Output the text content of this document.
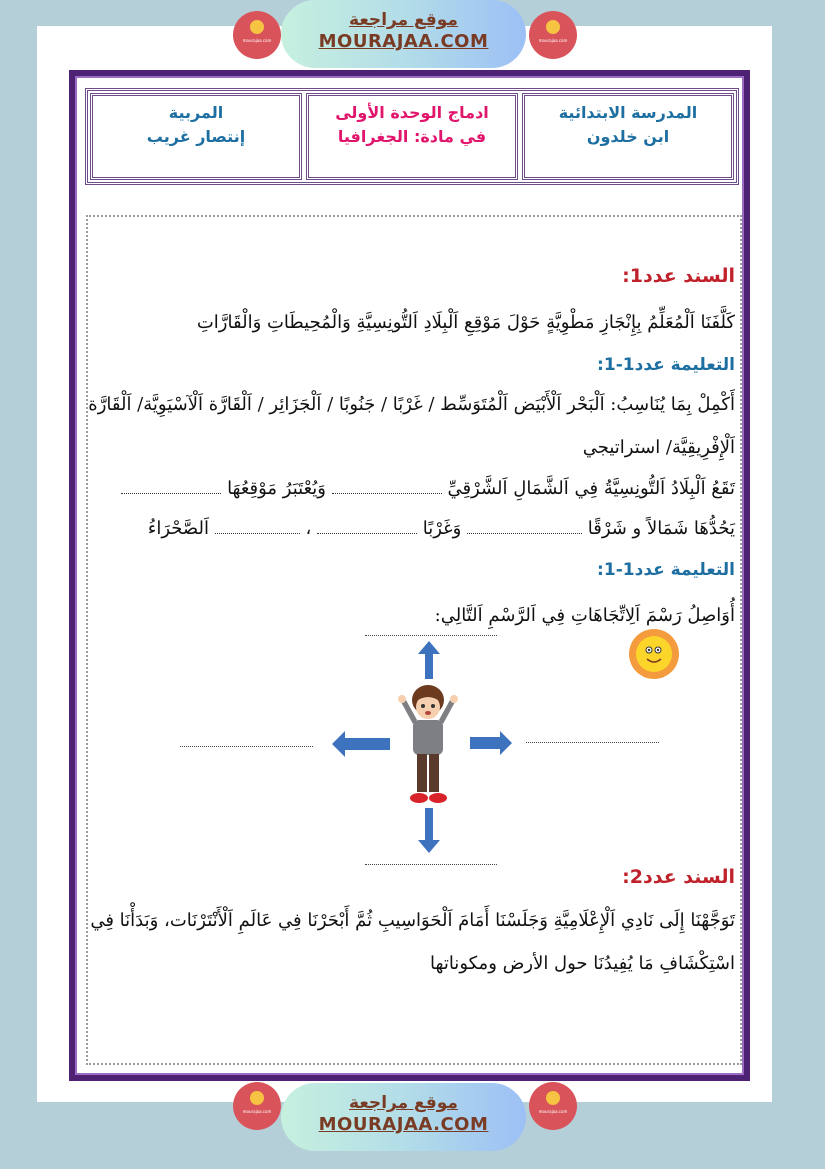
mourajaa.com
موقع مراجعة
MOURAJAA.COM	mourajaa.com
المدرسة الابتدائية
ابن خلدون
ادماج الوحدة الأولى
في مادة: الجغرافيا
المربية
إنتصار غريب
السند عدد1:
كَلَّفَنَا اَلْمُعَلِّمُ بِإِنْجَازِ مَطْوِيَّةٍ حَوْلَ مَوْقِعِ اَلْبِلَادِ اَلتُّونِسِيَّةِ وَالْمُحِيطَاتِ وَالْقَارَّاتِ
التعليمة عدد1-1:
أَكْمِلْ بِمَا يُنَاسِبُ: اَلْبَحْر اَلْأَبْيَض اَلْمُتَوَسِّط / غَرْبًا / جَنُوبًا / اَلْجَزَائِر / اَلْقَارَّة اَلْآسْيَوِيَّة/ اَلْقَارَّة
اَلْإِفْرِيقِيَّة/ استراتيجي
تَقَعُ اَلْبِلَادُ اَلتُّونِسِيَّةُ فِي اَلشَّمَالِ اَلشَّرْقِيِّ  وَيُعْتَبَرُ مَوْقِعُهَا
يَحُدُّهَا شَمَالاً و شَرْقًا  وَغَرْبًا  ،  اَلصَّحْرَاءُ
التعليمة عدد1-1:
أُوَاصِلُ رَسْمَ اَلِاتِّجَاهَاتِ فِي اَلرَّسْمِ اَلتَّالِي:
السند عدد2:
تَوَجَّهْنَا إِلَى نَادِي اَلْإِعْلَامِيَّةِ وَجَلَسْنَا أَمَامَ اَلْحَوَاسِيبِ ثُمَّ أَبْحَرْنَا فِي عَالَمِ اَلْأَنْتَرْنَات، وَبَدَأْنَا فِي
اسْتِكْشَافِ مَا يُفِيدُنَا حول الأرض ومكوناتها
mourajaa.com	موقع مراجعة
MOURAJAA.COM
mourajaa.com
